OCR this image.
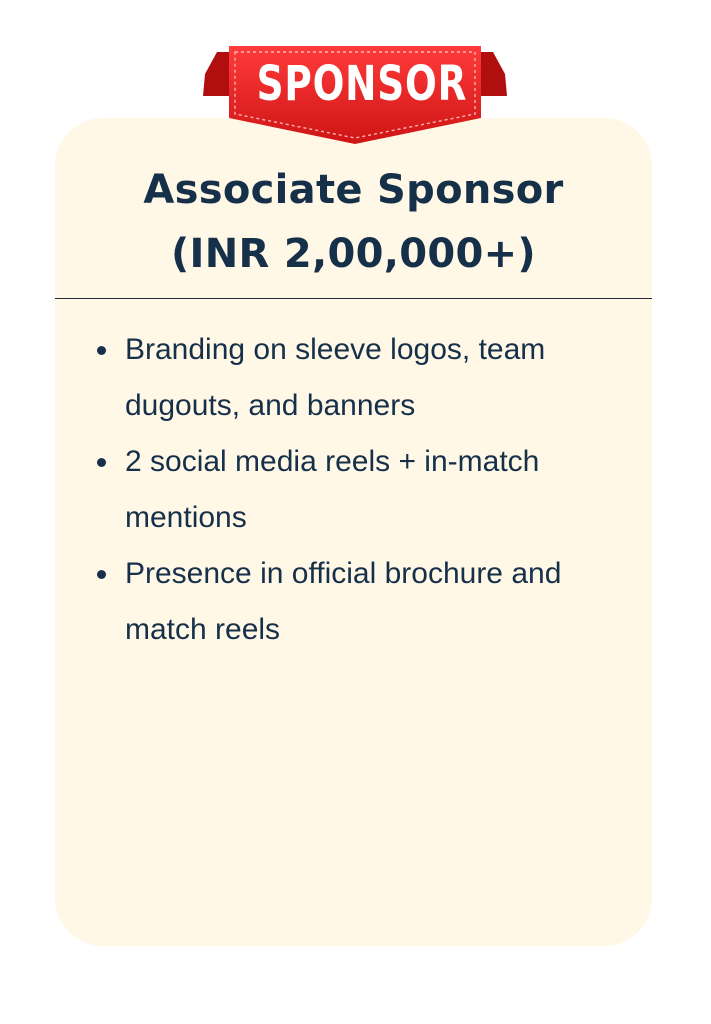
SPONSOR
Associate Sponsor
(INR 2,00,000+)
Branding on sleeve logos, team dugouts, and banners
2 social media reels + in-match mentions
Presence in official brochure and match reels
